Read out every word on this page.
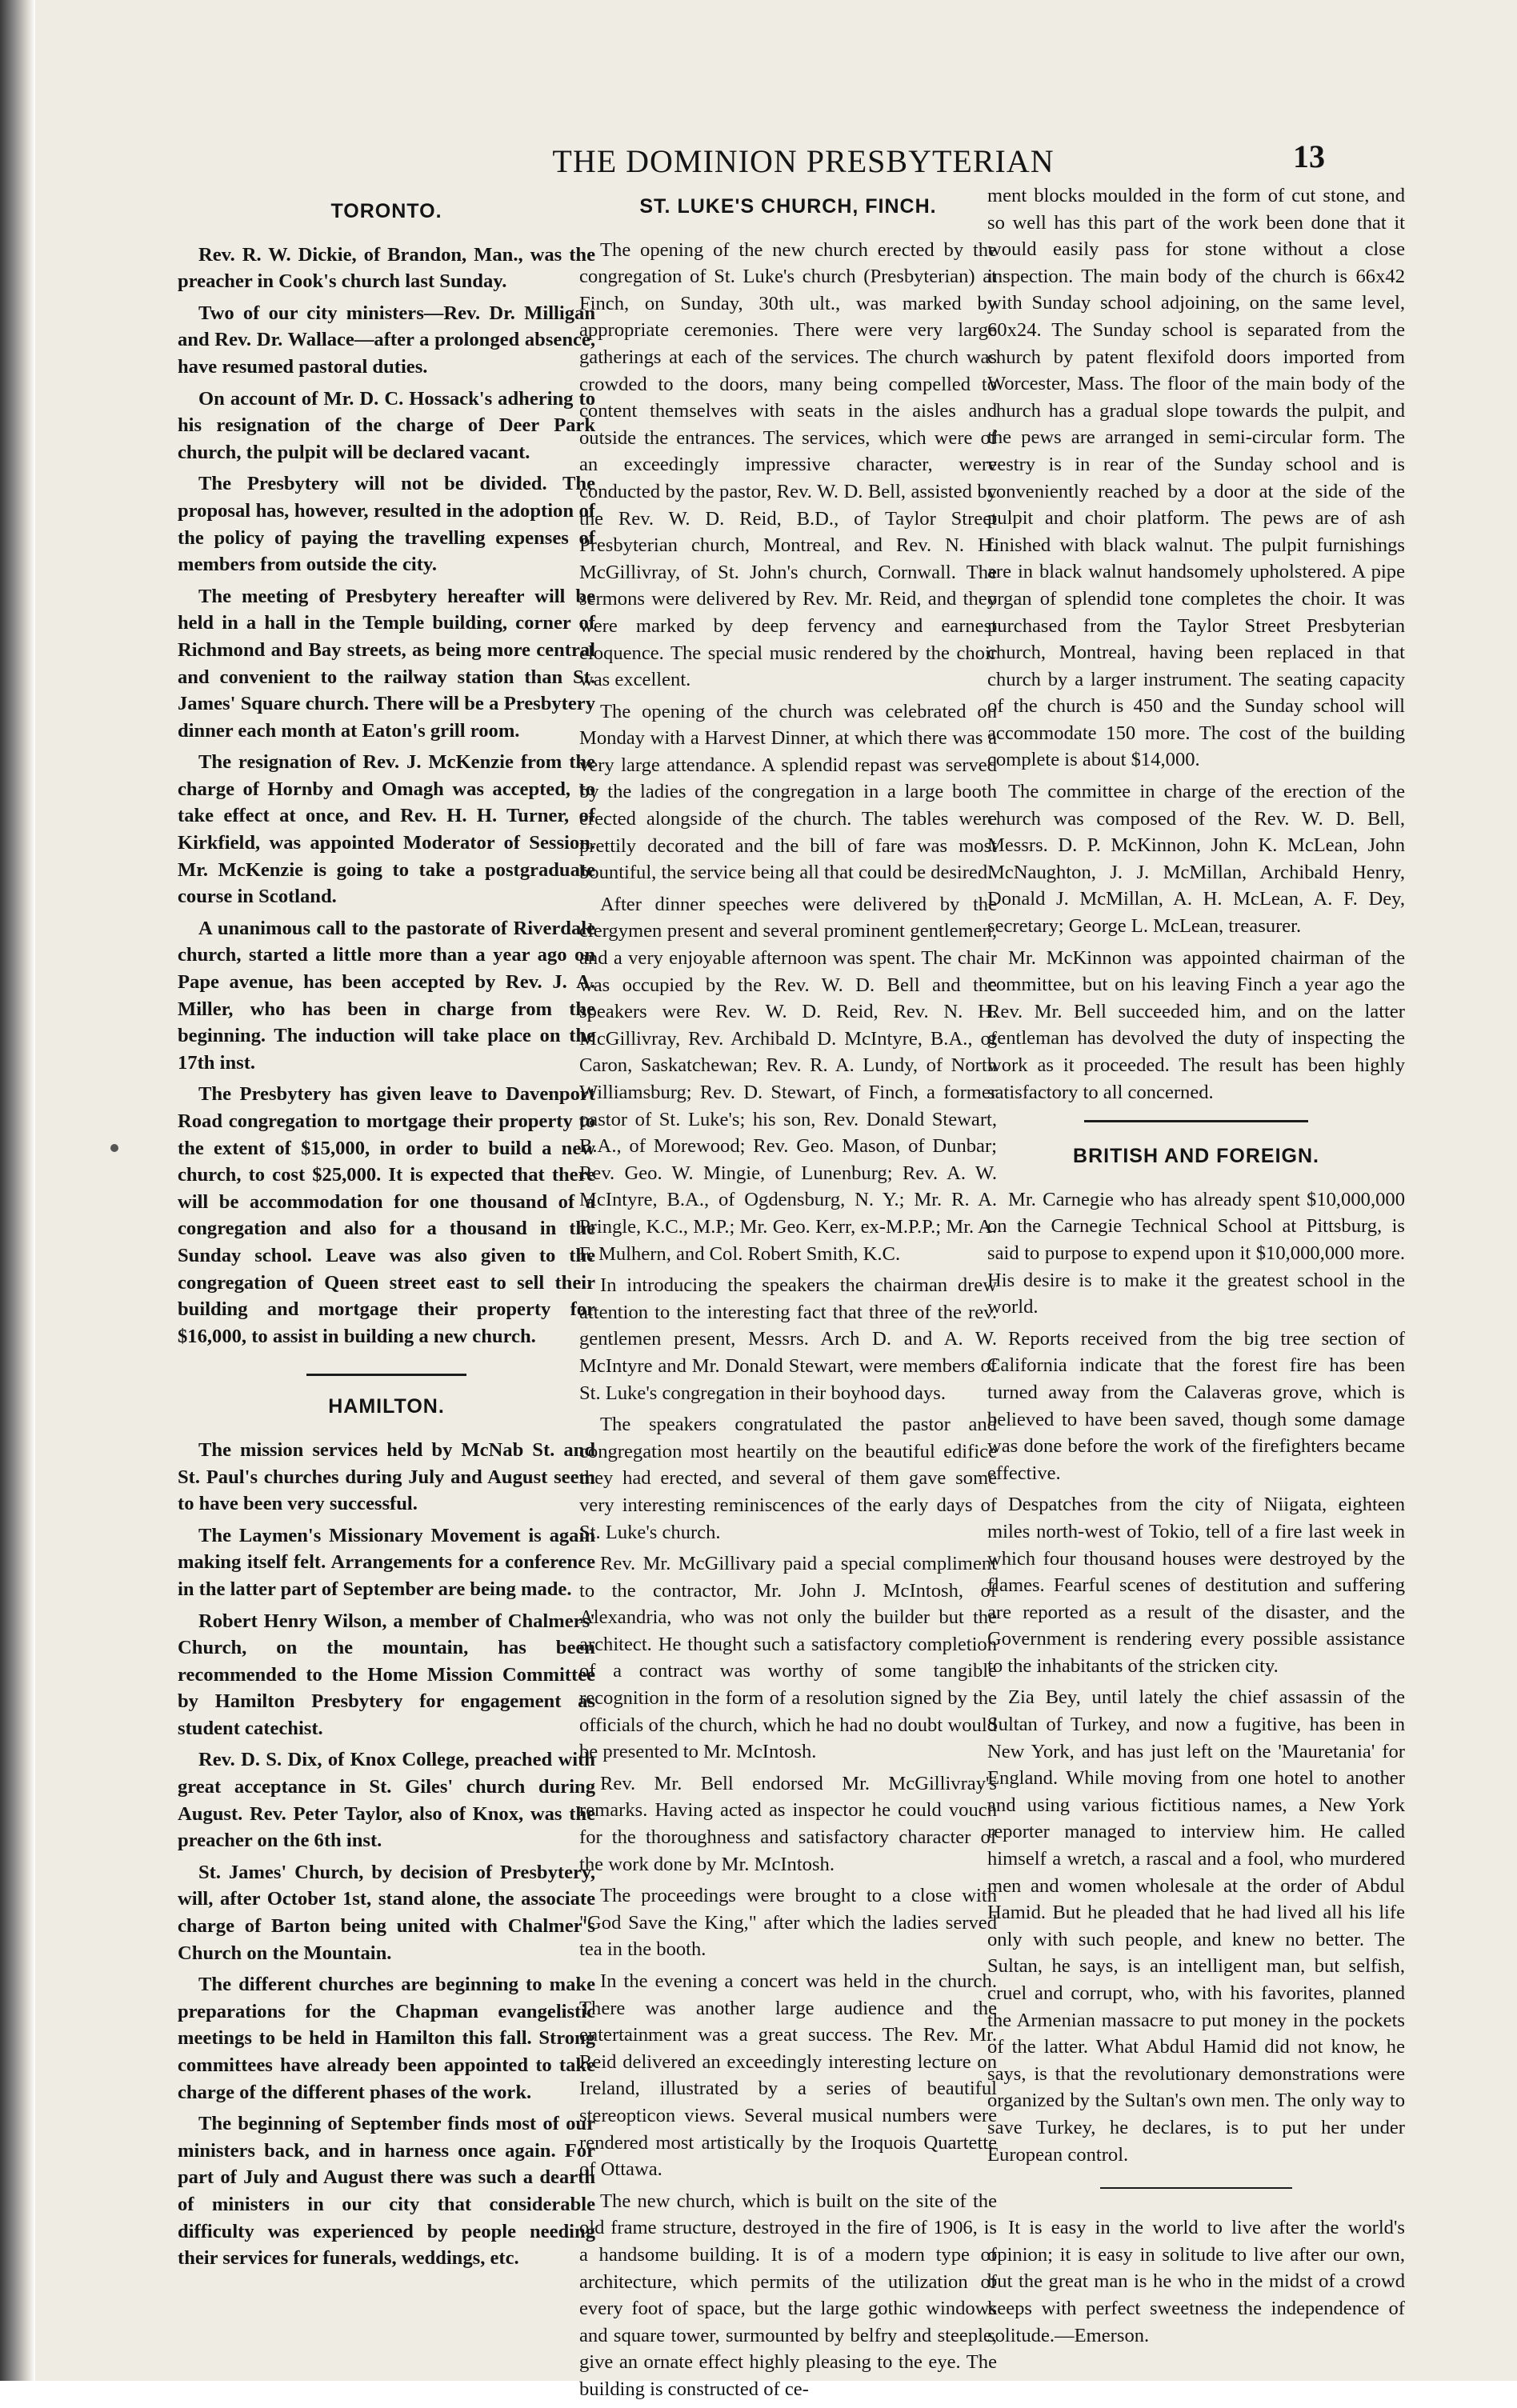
THE DOMINION PRESBYTERIAN	13
TORONTO.

Rev. R. W. Dickie, of Brandon, Man., was the preacher in Cook's church last Sunday.

Two of our city ministers—Rev. Dr. Milligan and Rev. Dr. Wallace—after a prolonged absence, have resumed pastoral duties.

On account of Mr. D. C. Hossack's adhering to his resignation of the charge of Deer Park church, the pulpit will be declared vacant.

The Presbytery will not be divided. The proposal has, however, resulted in the adoption of the policy of paying the travelling expenses of members from outside the city.

The meeting of Presbytery hereafter will be held in a hall in the Temple building, corner of Richmond and Bay streets, as being more central and convenient to the railway station than St. James' Square church. There will be a Presbytery dinner each month at Eaton's grill room.

The resignation of Rev. J. McKenzie from the charge of Hornby and Omagh was accepted, to take effect at once, and Rev. H. H. Turner, of Kirkfield, was appointed Moderator of Session. Mr. McKenzie is going to take a postgraduate course in Scotland.

A unanimous call to the pastorate of Riverdale church, started a little more than a year ago on Pape avenue, has been accepted by Rev. J. A. Miller, who has been in charge from the beginning. The induction will take place on the 17th inst.

The Presbytery has given leave to Davenport Road congregation to mortgage their property to the extent of $15,000, in order to build a new church, to cost $25,000. It is expected that there will be accommodation for one thousand of a congregation and also for a thousand in the Sunday school. Leave was also given to the congregation of Queen street east to sell their building and mortgage their property for $16,000, to assist in building a new church.

HAMILTON.

The mission services held by McNab St. and St. Paul's churches during July and August seem to have been very successful.

The Laymen's Missionary Movement is again making itself felt. Arrangements for a conference in the latter part of September are being made.

Robert Henry Wilson, a member of Chalmers' Church, on the mountain, has been recommended to the Home Mission Committee by Hamilton Presbytery for engagement as student catechist.

Rev. D. S. Dix, of Knox College, preached with great acceptance in St. Giles' church during August. Rev. Peter Taylor, also of Knox, was the preacher on the 6th inst.

St. James' Church, by decision of Presbytery, will, after October 1st, stand alone, the associate charge of Barton being united with Chalmer's Church on the Mountain.

The different churches are beginning to make preparations for the Chapman evangelistic meetings to be held in Hamilton this fall. Strong committees have already been appointed to take charge of the different phases of the work.

The beginning of September finds most of our ministers back, and in harness once again. For part of July and August there was such a dearth of ministers in our city that considerable difficulty was experienced by people needing their services for funerals, weddings, etc.

ST. LUKE'S CHURCH, FINCH.

The opening of the new church erected by the congregation of St. Luke's church (Presbyterian) at Finch, on Sunday, 30th ult., was marked by appropriate ceremonies. There were very large gatherings at each of the services. The church was crowded to the doors, many being compelled to content themselves with seats in the aisles and outside the entrances. The services, which were of an exceedingly impressive character, were conducted by the pastor, Rev. W. D. Bell, assisted by the Rev. W. D. Reid, B.D., of Taylor Street Presbyterian church, Montreal, and Rev. N. H. McGillivray, of St. John's church, Cornwall. The sermons were delivered by Rev. Mr. Reid, and they were marked by deep fervency and earnest eloquence. The special music rendered by the choir was excellent.

The opening of the church was celebrated on Monday with a Harvest Dinner, at which there was a very large attendance. A splendid repast was served by the ladies of the congregation in a large booth erected alongside of the church. The tables were prettily decorated and the bill of fare was most bountiful, the service being all that could be desired.

After dinner speeches were delivered by the clergymen present and several prominent gentlemen, and a very enjoyable afternoon was spent. The chair was occupied by the Rev. W. D. Bell and the speakers were Rev. W. D. Reid, Rev. N. H. McGillivray, Rev. Archibald D. McIntyre, B.A., of Caron, Saskatchewan; Rev. R. A. Lundy, of North Williamsburg; Rev. D. Stewart, of Finch, a former pastor of St. Luke's; his son, Rev. Donald Stewart, B.A., of Morewood; Rev. Geo. Mason, of Dunbar; Rev. Geo. W. Mingie, of Lunenburg; Rev. A. W. McIntyre, B.A., of Ogdensburg, N. Y.; Mr. R. A. Pringle, K.C., M.P.; Mr. Geo. Kerr, ex-M.P.P.; Mr. A. F. Mulhern, and Col. Robert Smith, K.C.

In introducing the speakers the chairman drew attention to the interesting fact that three of the rev. gentlemen present, Messrs. Arch D. and A. W. McIntyre and Mr. Donald Stewart, were members of St. Luke's congregation in their boyhood days.

The speakers congratulated the pastor and congregation most heartily on the beautiful edifice they had erected, and several of them gave some very interesting reminiscences of the early days of St. Luke's church.

Rev. Mr. McGillivary paid a special compliment to the contractor, Mr. John J. McIntosh, of Alexandria, who was not only the builder but the architect. He thought such a satisfactory completion of a contract was worthy of some tangible recognition in the form of a resolution signed by the officials of the church, which he had no doubt would be presented to Mr. McIntosh.

Rev. Mr. Bell endorsed Mr. McGillivray's remarks. Having acted as inspector he could vouch for the thoroughness and satisfactory character of the work done by Mr. McIntosh.

The proceedings were brought to a close with "God Save the King," after which the ladies served tea in the booth.

In the evening a concert was held in the church. There was another large audience and the entertainment was a great success. The Rev. Mr. Reid delivered an exceedingly interesting lecture on Ireland, illustrated by a series of beautiful stereopticon views. Several musical numbers were rendered most artistically by the Iroquois Quartette of Ottawa.

The new church, which is built on the site of the old frame structure, destroyed in the fire of 1906, is a handsome building. It is of a modern type of architecture, which permits of the utilization of every foot of space, but the large gothic windows and square tower, surmounted by belfry and steeple, give an ornate effect highly pleasing to the eye. The building is constructed of ce-

ment blocks moulded in the form of cut stone, and so well has this part of the work been done that it would easily pass for stone without a close inspection. The main body of the church is 66x42 with Sunday school adjoining, on the same level, 60x24. The Sunday school is separated from the church by patent flexifold doors imported from Worcester, Mass. The floor of the main body of the church has a gradual slope towards the pulpit, and the pews are arranged in semi-circular form. The vestry is in rear of the Sunday school and is conveniently reached by a door at the side of the pulpit and choir platform. The pews are of ash finished with black walnut. The pulpit furnishings are in black walnut handsomely upholstered. A pipe organ of splendid tone completes the choir. It was purchased from the Taylor Street Presbyterian church, Montreal, having been replaced in that church by a larger instrument. The seating capacity of the church is 450 and the Sunday school will accommodate 150 more. The cost of the building complete is about $14,000.

The committee in charge of the erection of the church was composed of the Rev. W. D. Bell, Messrs. D. P. McKinnon, John K. McLean, John McNaughton, J. J. McMillan, Archibald Henry, Donald J. McMillan, A. H. McLean, A. F. Dey, secretary; George L. McLean, treasurer.

Mr. McKinnon was appointed chairman of the committee, but on his leaving Finch a year ago the Rev. Mr. Bell succeeded him, and on the latter gentleman has devolved the duty of inspecting the work as it proceeded. The result has been highly satisfactory to all concerned.

BRITISH AND FOREIGN.

Mr. Carnegie who has already spent $10,000,000 on the Carnegie Technical School at Pittsburg, is said to purpose to expend upon it $10,000,000 more. His desire is to make it the greatest school in the world.

Reports received from the big tree section of California indicate that the forest fire has been turned away from the Calaveras grove, which is believed to have been saved, though some damage was done before the work of the firefighters became effective.

Despatches from the city of Niigata, eighteen miles north-west of Tokio, tell of a fire last week in which four thousand houses were destroyed by the flames. Fearful scenes of destitution and suffering are reported as a result of the disaster, and the Government is rendering every possible assistance to the inhabitants of the stricken city.

Zia Bey, until lately the chief assassin of the Sultan of Turkey, and now a fugitive, has been in New York, and has just left on the 'Mauretania' for England. While moving from one hotel to another and using various fictitious names, a New York reporter managed to interview him. He called himself a wretch, a rascal and a fool, who murdered men and women wholesale at the order of Abdul Hamid. But he pleaded that he had lived all his life only with such people, and knew no better. The Sultan, he says, is an intelligent man, but selfish, cruel and corrupt, who, with his favorites, planned the Armenian massacre to put money in the pockets of the latter. What Abdul Hamid did not know, he says, is that the revolutionary demonstrations were organized by the Sultan's own men. The only way to save Turkey, he declares, is to put her under European control.

It is easy in the world to live after the world's opinion; it is easy in solitude to live after our own, but the great man is he who in the midst of a crowd keeps with perfect sweetness the independence of solitude.—Emerson.
